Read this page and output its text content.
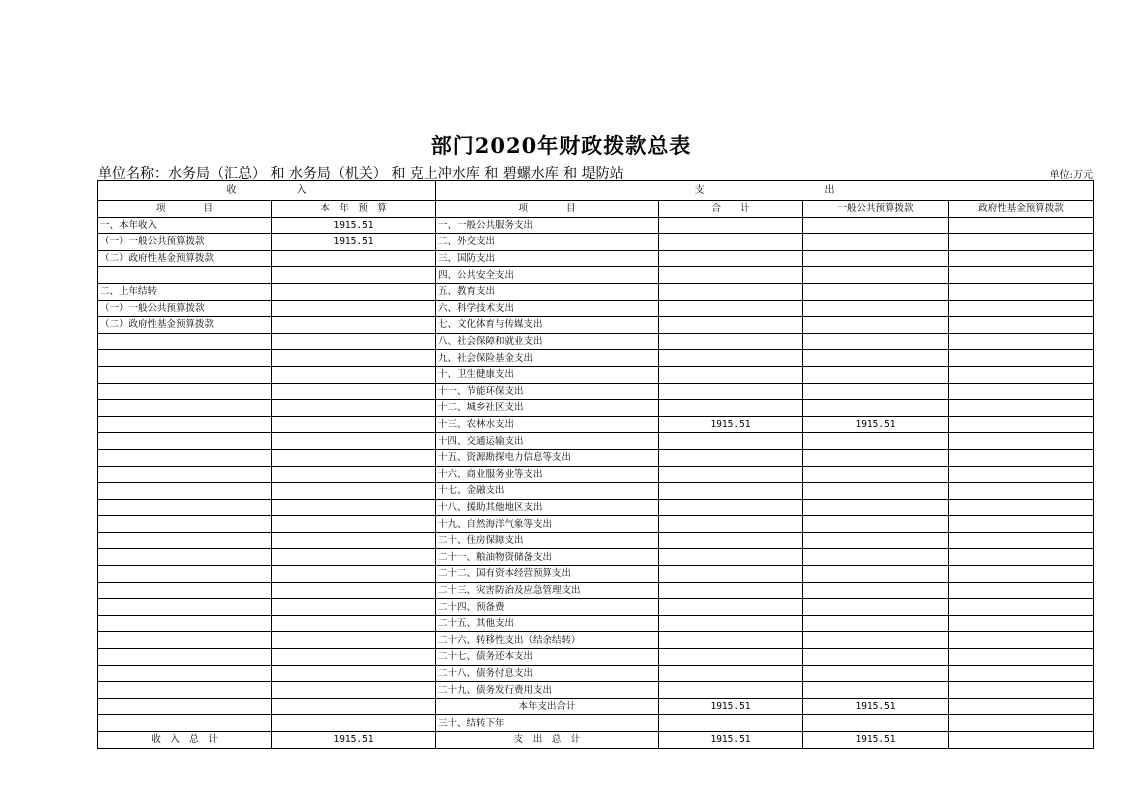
部门2020年财政拨款总表
单位名称：水务局（汇总） 和 水务局（机关） 和 克上冲水库 和 碧螺水库 和 堤防站	单位:万元
收　　　　　　入		支　　　　　　　　　　　　出			
项　　　　目	本　年　预　算	项　　　　目	合　　计	一般公共预算拨款	政府性基金预算拨款
一、本年收入	1915.51	一、一般公共服务支出			
（一）一般公共预算拨款	1915.51	二、外交支出			
（二）政府性基金预算拨款		三、国防支出			
		四、公共安全支出			
二、上年结转		五、教育支出			
（一）一般公共预算拨款		六、科学技术支出			
（二）政府性基金预算拨款		七、文化体育与传媒支出			
		八、社会保障和就业支出			
		九、社会保险基金支出			
		十、卫生健康支出			
		十一、节能环保支出			
		十二、城乡社区支出			
		十三、农林水支出	1915.51	1915.51	
		十四、交通运输支出			
		十五、资源勘探电力信息等支出			
		十六、商业服务业等支出			
		十七、金融支出			
		十八、援助其他地区支出			
		十九、自然海洋气象等支出			
		二十、住房保障支出			
		二十一、粮油物资储备支出			
		二十二、国有资本经营预算支出			
		二十三、灾害防治及应急管理支出			
		二十四、预备费			
		二十五、其他支出			
		二十六、转移性支出（结余结转）			
		二十七、债务还本支出			
		二十八、债务付息支出			
		二十九、债务发行费用支出			
		本年支出合计	1915.51	1915.51	
		三十、结转下年			
收　入　总　计	1915.51	支　出　总　计	1915.51	1915.51	
